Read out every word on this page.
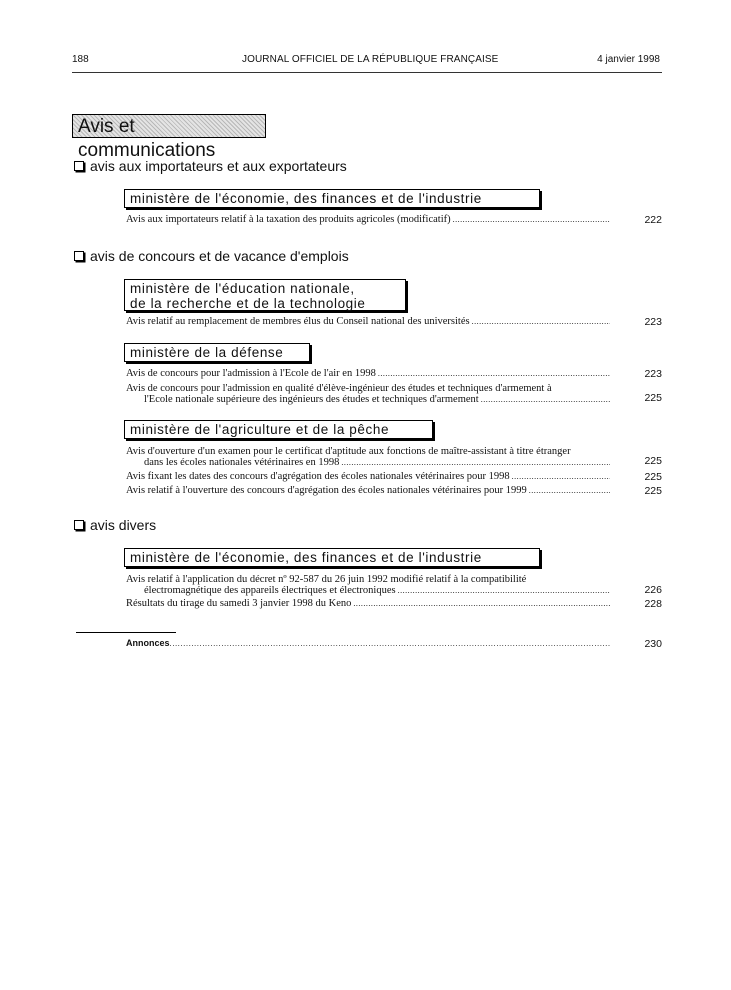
188	JOURNAL OFFICIEL DE LA RÉPUBLIQUE FRANÇAISE	4 janvier 1998
Avis et communications
avis aux importateurs et aux exportateurs
ministère de l'économie, des finances et de l'industrie
Avis aux importateurs relatif à la taxation des produits agricoles (modificatif) .....	222
avis de concours et de vacance d'emplois
ministère de l'éducation nationale,
de la recherche et de la technologie
Avis relatif au remplacement de membres élus du Conseil national des universités .....	223
ministère de la défense
Avis de concours pour l'admission à l'Ecole de l'air en 1998 .....	223
Avis de concours pour l'admission en qualité d'élève-ingénieur des études et techniques d'armement à
l'Ecole nationale supérieure des ingénieurs des études et techniques d'armement .....	225
ministère de l'agriculture et de la pêche
Avis d'ouverture d'un examen pour le certificat d'aptitude aux fonctions de maître-assistant à titre étranger
dans les écoles nationales vétérinaires en 1998 .....	225
Avis fixant les dates des concours d'agrégation des écoles nationales vétérinaires pour 1998 .....	225
Avis relatif à l'ouverture des concours d'agrégation des écoles nationales vétérinaires pour 1999 .....	225
avis divers
ministère de l'économie, des finances et de l'industrie
Avis relatif à l'application du décret nº 92-587 du 26 juin 1992 modifié relatif à la compatibilité
électromagnétique des appareils électriques et électroniques .....	226
Résultats du tirage du samedi 3 janvier 1998 du Keno .....	228
Annonces .....	230
